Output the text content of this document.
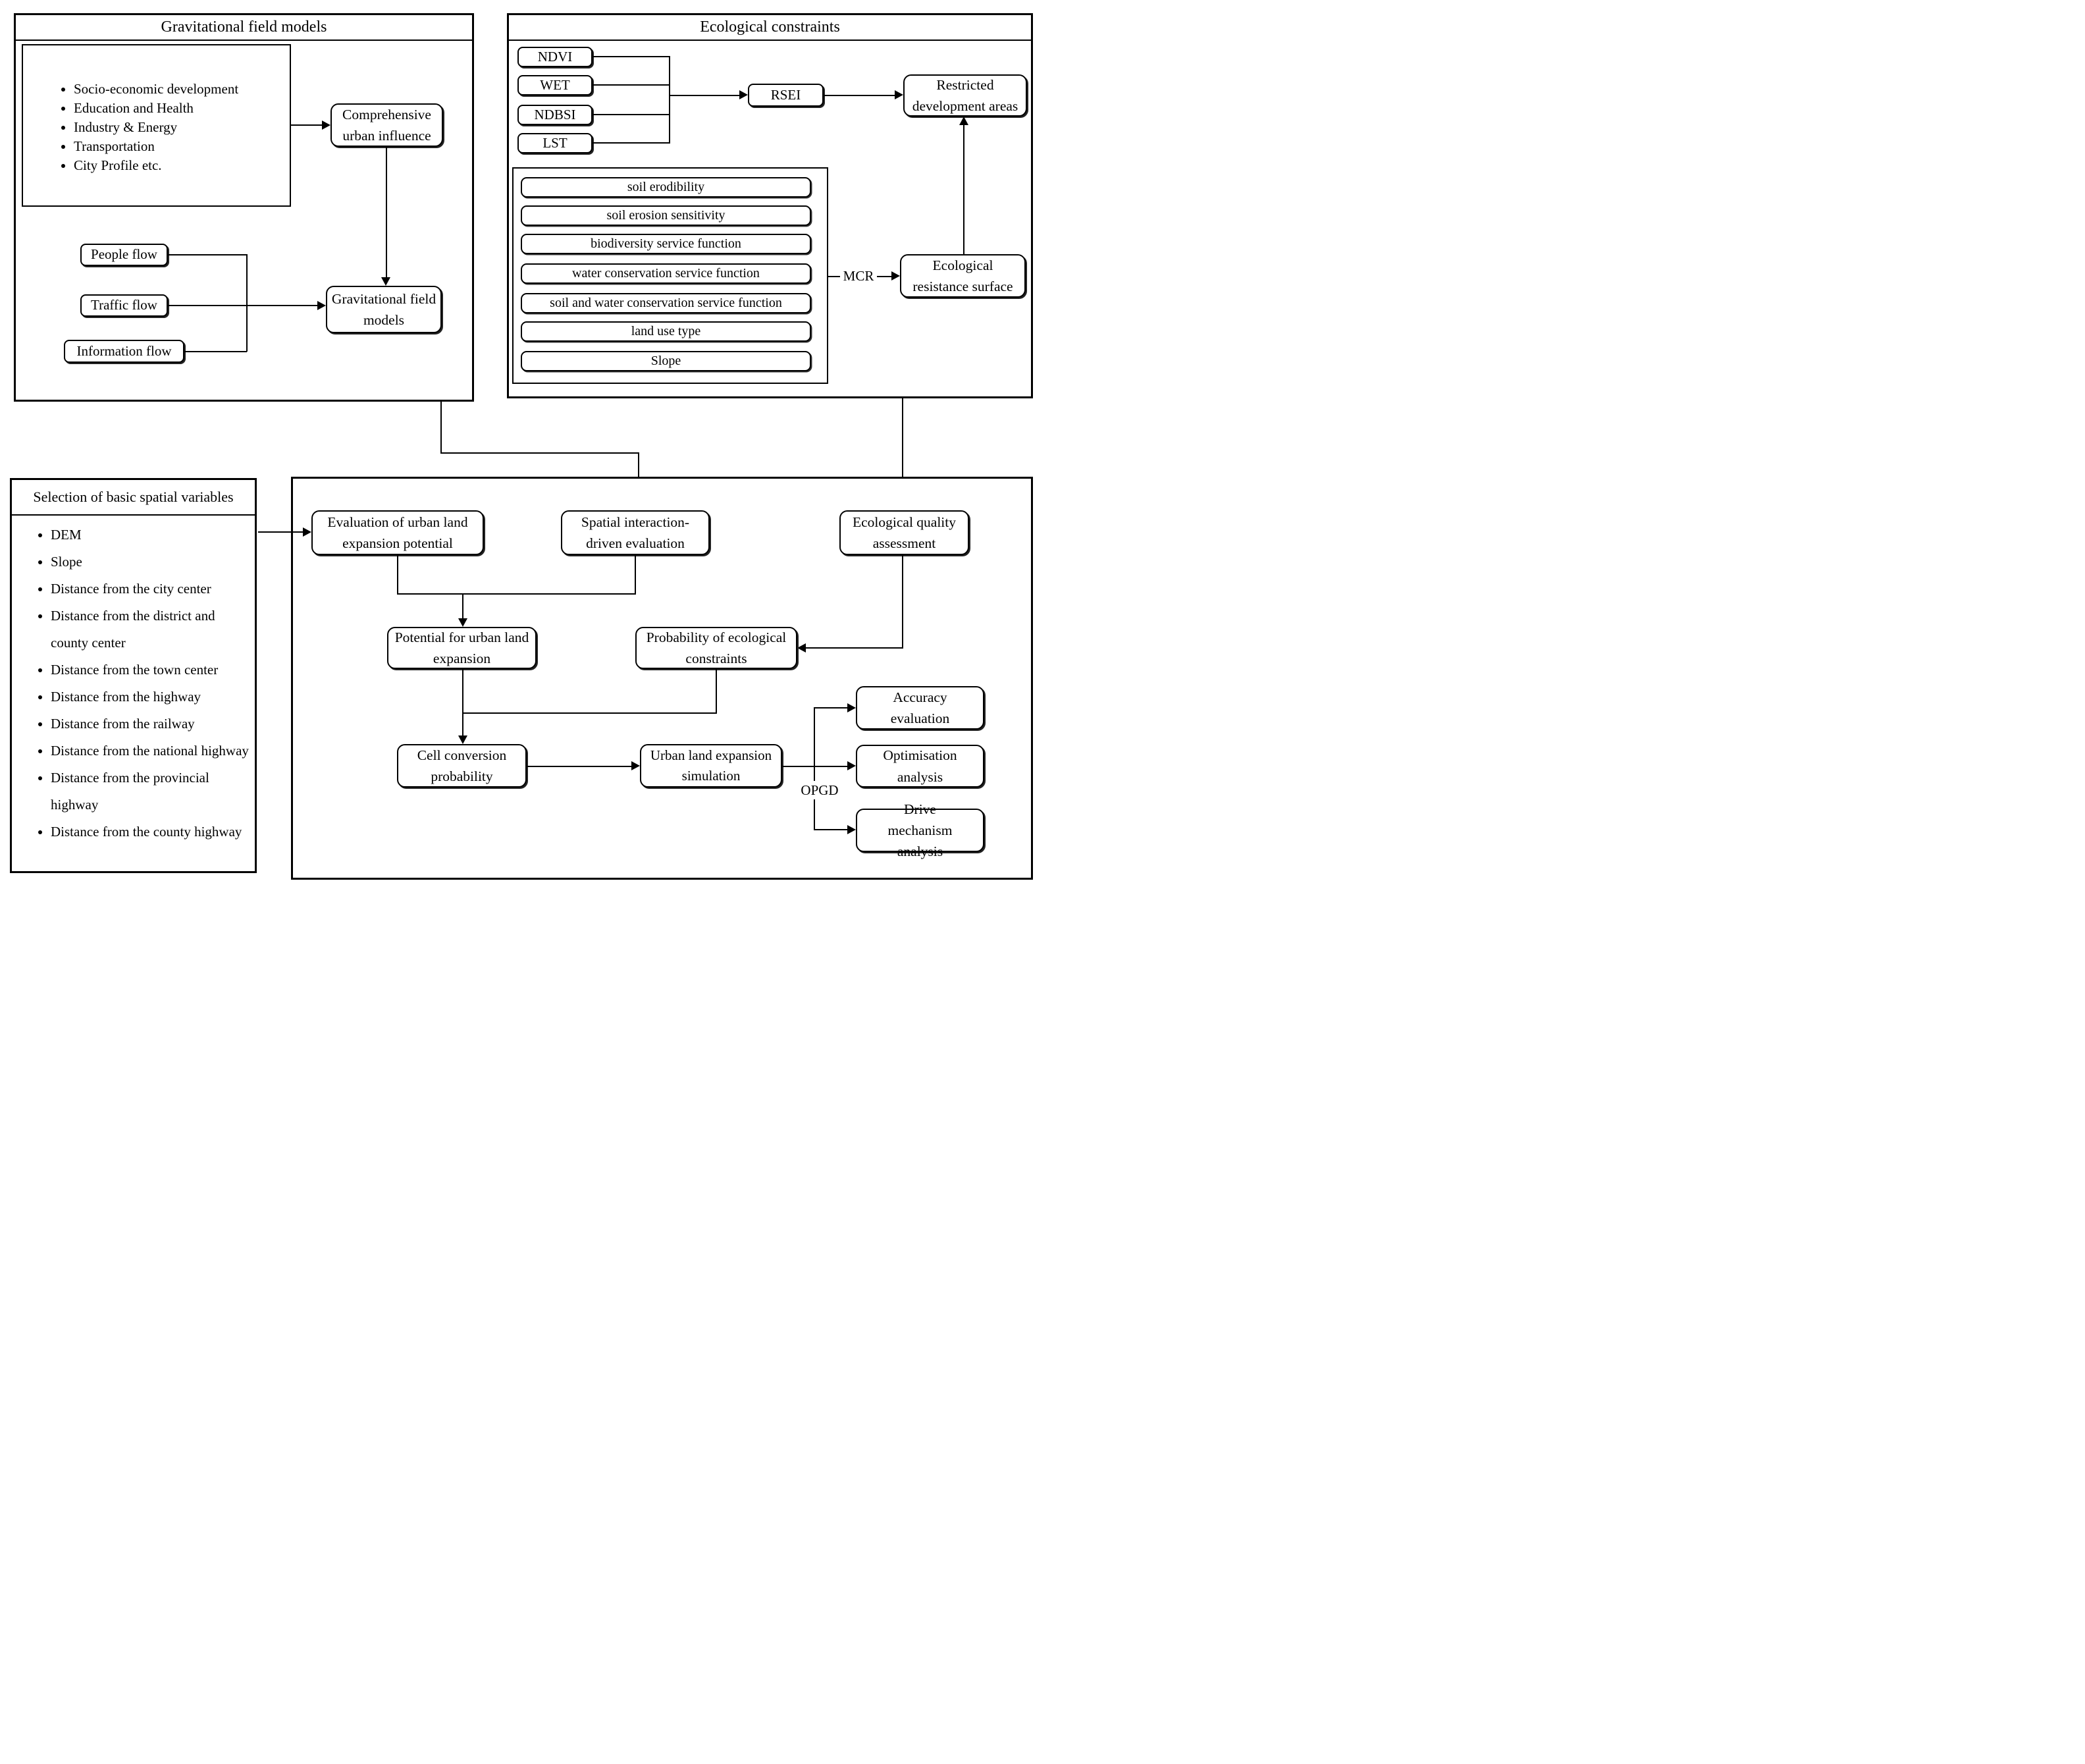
Gravitational field models
• Socio-economic development
• Education and Health
• Industry & Energy
• Transportation
• City Profile etc.
Comprehensive urban influence
People flow
Traffic flow
Information flow
Gravitational field models
Ecological constraints
NDVI
WET
NDBSI
LST
RSEI
Restricted development areas
soil erodibility
soil erosion sensitivity
biodiversity service function
water conservation service function
soil and water conservation service function
land use type
Slope
MCR
Ecological resistance surface
Selection of basic spatial variables
• DEM
• Slope
• Distance from the city center
• Distance from the district and county center
• Distance from the town center
• Distance from the highway
• Distance from the railway
• Distance from the national highway
• Distance from the provincial highway
• Distance from the county highway
Evaluation of urban land expansion potential
Spatial interaction-driven evaluation
Ecological quality assessment
Potential for urban land expansion
Probability of ecological constraints
Cell conversion probability
Urban land expansion simulation
OPGD
Accuracy evaluation
Optimisation analysis
Drive mechanism analysis
